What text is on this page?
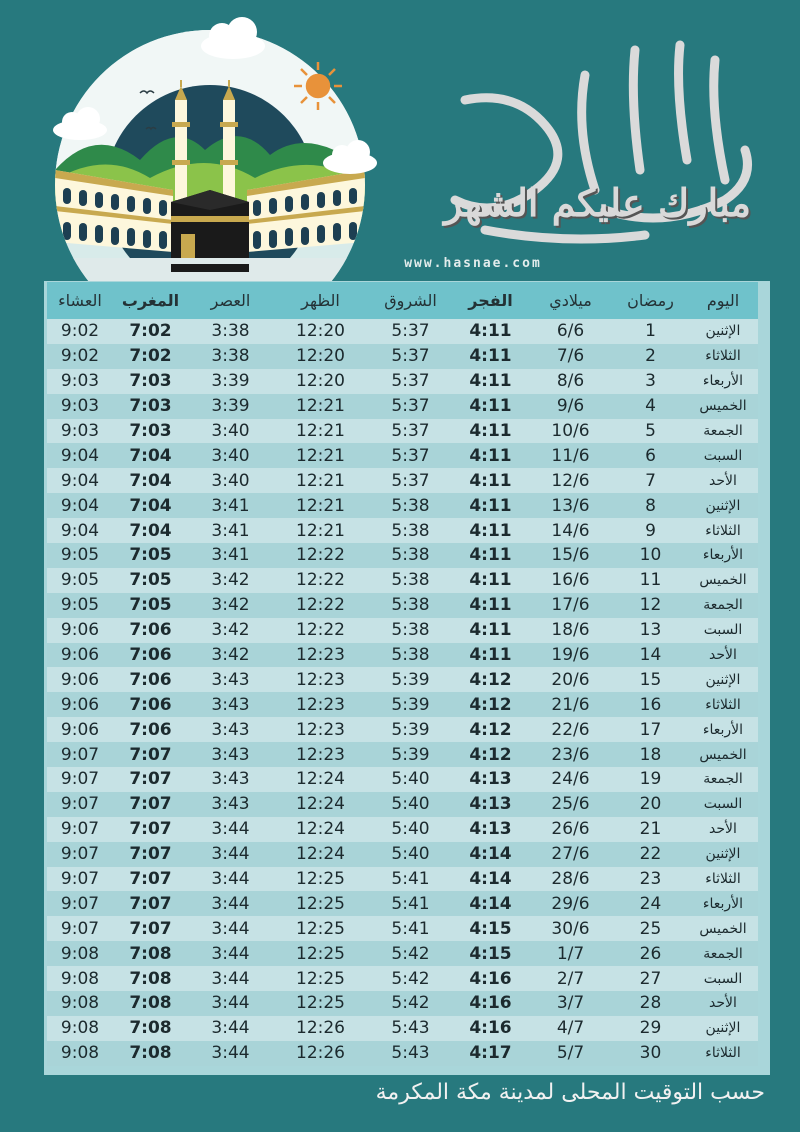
مبارك عليكم الشهر
www.hasnae.com
اليوم	رمضان	ميلادي	الفجر	الشروق	الظهر	العصر	المغرب	العشاء
الإثنين	1	6/6	4:11	5:37	12:20	3:38	7:02	9:02
الثلاثاء	2	7/6	4:11	5:37	12:20	3:38	7:02	9:02
الأربعاء	3	8/6	4:11	5:37	12:20	3:39	7:03	9:03
الخميس	4	9/6	4:11	5:37	12:21	3:39	7:03	9:03
الجمعة	5	10/6	4:11	5:37	12:21	3:40	7:03	9:03
السبت	6	11/6	4:11	5:37	12:21	3:40	7:04	9:04
الأحد	7	12/6	4:11	5:37	12:21	3:40	7:04	9:04
الإثنين	8	13/6	4:11	5:38	12:21	3:41	7:04	9:04
الثلاثاء	9	14/6	4:11	5:38	12:21	3:41	7:04	9:04
الأربعاء	10	15/6	4:11	5:38	12:22	3:41	7:05	9:05
الخميس	11	16/6	4:11	5:38	12:22	3:42	7:05	9:05
الجمعة	12	17/6	4:11	5:38	12:22	3:42	7:05	9:05
السبت	13	18/6	4:11	5:38	12:22	3:42	7:06	9:06
الأحد	14	19/6	4:11	5:38	12:23	3:42	7:06	9:06
الإثنين	15	20/6	4:12	5:39	12:23	3:43	7:06	9:06
الثلاثاء	16	21/6	4:12	5:39	12:23	3:43	7:06	9:06
الأربعاء	17	22/6	4:12	5:39	12:23	3:43	7:06	9:06
الخميس	18	23/6	4:12	5:39	12:23	3:43	7:07	9:07
الجمعة	19	24/6	4:13	5:40	12:24	3:43	7:07	9:07
السبت	20	25/6	4:13	5:40	12:24	3:43	7:07	9:07
الأحد	21	26/6	4:13	5:40	12:24	3:44	7:07	9:07
الإثنين	22	27/6	4:14	5:40	12:24	3:44	7:07	9:07
الثلاثاء	23	28/6	4:14	5:41	12:25	3:44	7:07	9:07
الأربعاء	24	29/6	4:14	5:41	12:25	3:44	7:07	9:07
الخميس	25	30/6	4:15	5:41	12:25	3:44	7:07	9:07
الجمعة	26	1/7	4:15	5:42	12:25	3:44	7:08	9:08
السبت	27	2/7	4:16	5:42	12:25	3:44	7:08	9:08
الأحد	28	3/7	4:16	5:42	12:25	3:44	7:08	9:08
الإثنين	29	4/7	4:16	5:43	12:26	3:44	7:08	9:08
الثلاثاء	30	5/7	4:17	5:43	12:26	3:44	7:08	9:08
حسب التوقيت المحلى لمدينة مكة المكرمة
